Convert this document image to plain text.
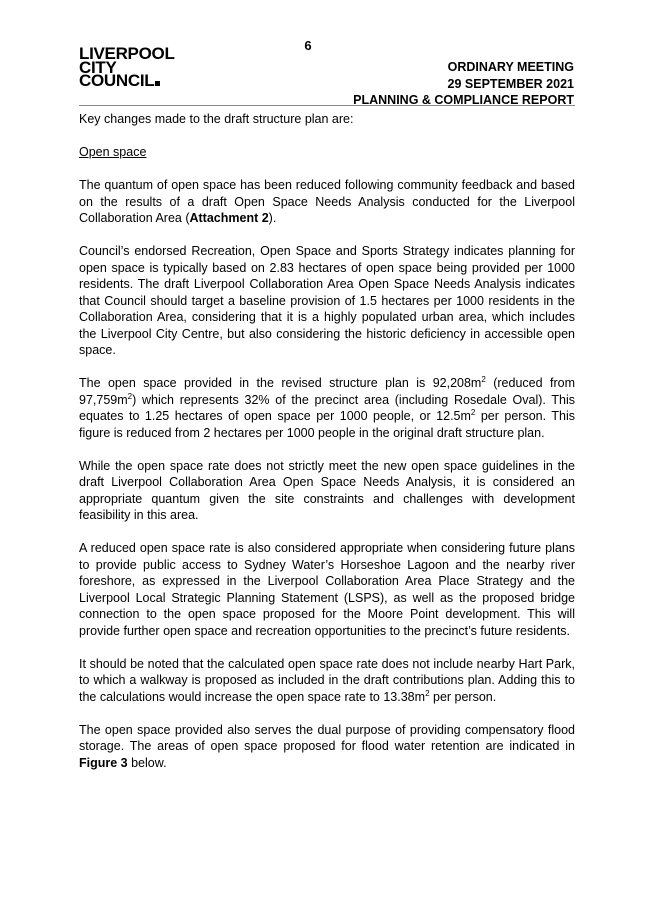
6
LIVERPOOL
CITY
COUNCIL
ORDINARY MEETING
29 SEPTEMBER 2021
PLANNING & COMPLIANCE REPORT

Key changes made to the draft structure plan are:

Open space

The quantum of open space has been reduced following community feedback and based on the results of a draft Open Space Needs Analysis conducted for the Liverpool Collaboration Area (Attachment 2).

Council’s endorsed Recreation, Open Space and Sports Strategy indicates planning for open space is typically based on 2.83 hectares of open space being provided per 1000 residents. The draft Liverpool Collaboration Area Open Space Needs Analysis indicates that Council should target a baseline provision of 1.5 hectares per 1000 residents in the Collaboration Area, considering that it is a highly populated urban area, which includes the Liverpool City Centre, but also considering the historic deficiency in accessible open space.

The open space provided in the revised structure plan is $92,208m^2$ (reduced from $97,759m^2$) which represents 32% of the precinct area (including Rosedale Oval). This equates to 1.25 hectares of open space per 1000 people, or $12.5m^2$ per person. This figure is reduced from 2 hectares per 1000 people in the original draft structure plan.

While the open space rate does not strictly meet the new open space guidelines in the draft Liverpool Collaboration Area Open Space Needs Analysis, it is considered an appropriate quantum given the site constraints and challenges with development feasibility in this area.

A reduced open space rate is also considered appropriate when considering future plans to provide public access to Sydney Water’s Horseshoe Lagoon and the nearby river foreshore, as expressed in the Liverpool Collaboration Area Place Strategy and the Liverpool Local Strategic Planning Statement (LSPS), as well as the proposed bridge connection to the open space proposed for the Moore Point development. This will provide further open space and recreation opportunities to the precinct’s future residents.

It should be noted that the calculated open space rate does not include nearby Hart Park, to which a walkway is proposed as included in the draft contributions plan. Adding this to the calculations would increase the open space rate to $13.38m^2$ per person.

The open space provided also serves the dual purpose of providing compensatory flood storage. The areas of open space proposed for flood water retention are indicated in Figure 3 below.
